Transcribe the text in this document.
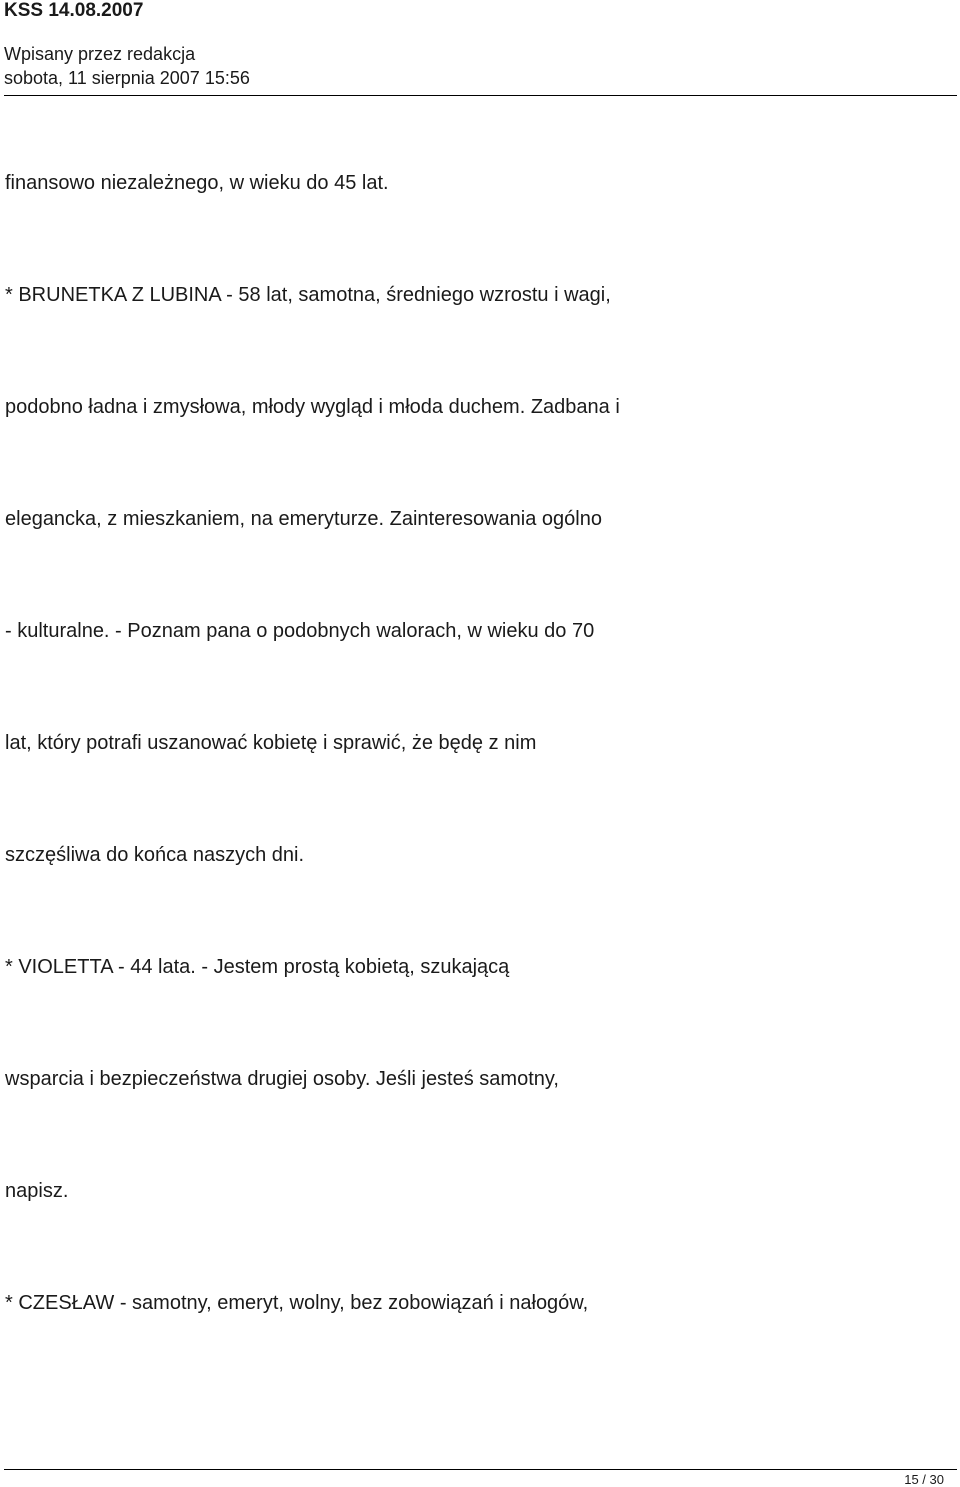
KSS 14.08.2007
Wpisany przez redakcja
sobota, 11 sierpnia 2007 15:56
finansowo niezależnego, w wieku do 45 lat.
* BRUNETKA Z LUBINA - 58 lat, samotna, średniego wzrostu i wagi,
podobno ładna i zmysłowa, młody wygląd i młoda duchem. Zadbana i
elegancka, z mieszkaniem, na emeryturze. Zainteresowania ogólno
- kulturalne. - Poznam pana o podobnych walorach, w wieku do 70
lat, który potrafi uszanować kobietę i sprawić, że będę z nim
szczęśliwa do końca naszych dni.
* VIOLETTA - 44 lata. - Jestem prostą kobietą, szukającą
wsparcia i bezpieczeństwa drugiej osoby. Jeśli jesteś samotny,
napisz.
* CZESŁAW - samotny, emeryt, wolny, bez zobowiązań i nałogów,
15 / 30
